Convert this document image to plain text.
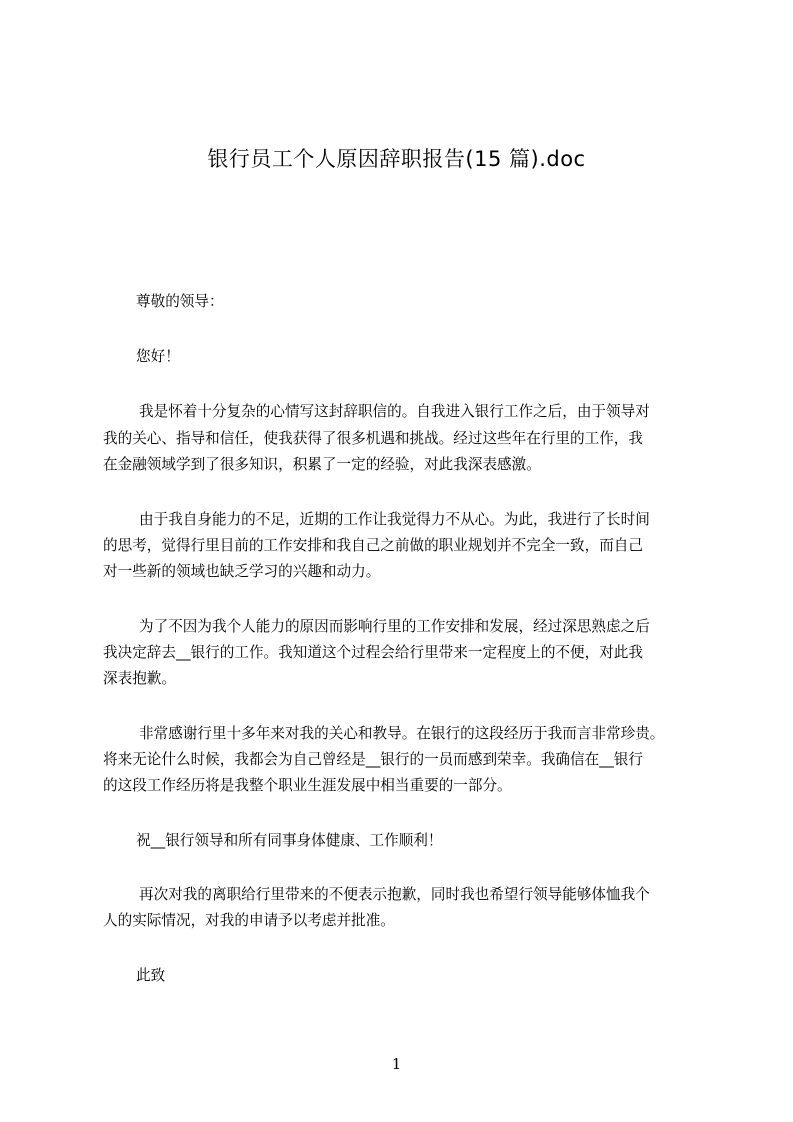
银行员工个人原因辞职报告(15 篇).doc
尊敬的领导：
您好！
我是怀着十分复杂的心情写这封辞职信的。自我进入银行工作之后，由于领导对
我的关心、指导和信任，使我获得了很多机遇和挑战。经过这些年在行里的工作，我
在金融领域学到了很多知识，积累了一定的经验，对此我深表感激。
由于我自身能力的不足，近期的工作让我觉得力不从心。为此，我进行了长时间
的思考，觉得行里目前的工作安排和我自己之前做的职业规划并不完全一致，而自己
对一些新的领域也缺乏学习的兴趣和动力。
为了不因为我个人能力的原因而影响行里的工作安排和发展，经过深思熟虑之后
我决定辞去__银行的工作。我知道这个过程会给行里带来一定程度上的不便，对此我
深表抱歉。
非常感谢行里十多年来对我的关心和教导。在银行的这段经历于我而言非常珍贵。
将来无论什么时候，我都会为自己曾经是__银行的一员而感到荣幸。我确信在__银行
的这段工作经历将是我整个职业生涯发展中相当重要的一部分。
祝__银行领导和所有同事身体健康、工作顺利！
再次对我的离职给行里带来的不便表示抱歉，同时我也希望行领导能够体恤我个
人的实际情况，对我的申请予以考虑并批准。
此致
1
